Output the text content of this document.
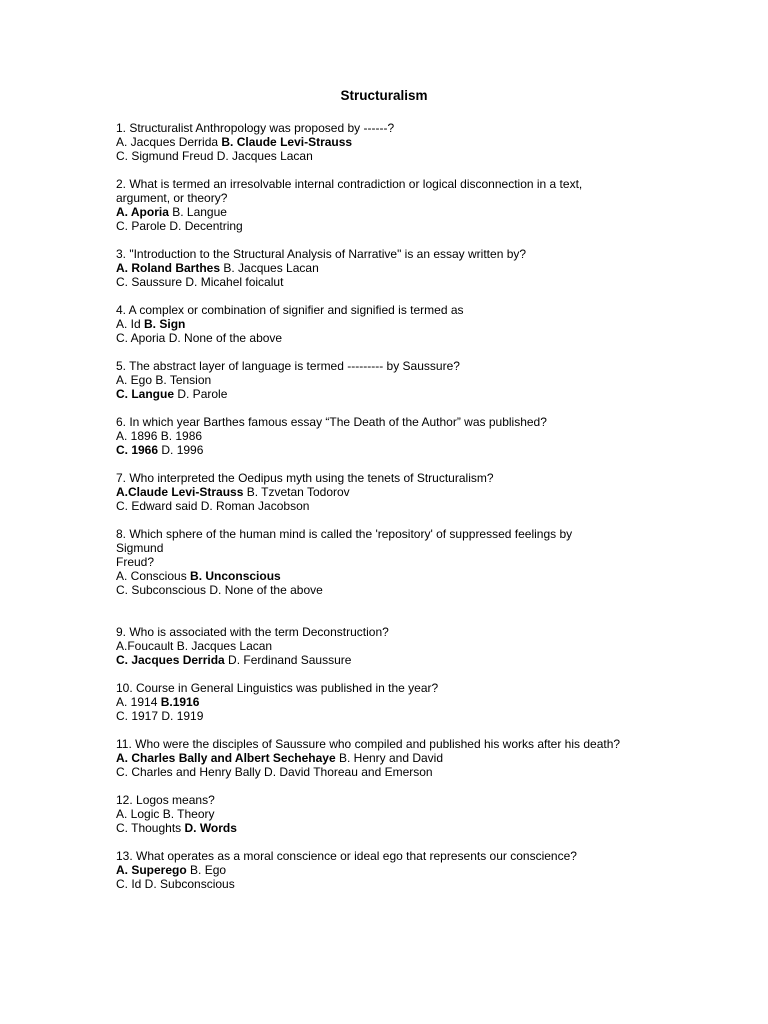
Structuralism
1. Structuralist Anthropology was proposed by ------?
A. Jacques Derrida B. Claude Levi-Strauss
C. Sigmund Freud D. Jacques Lacan
2. What is termed an irresolvable internal contradiction or logical disconnection in a text, argument, or theory?
A. Aporia B. Langue
C. Parole D. Decentring
3. "Introduction to the Structural Analysis of Narrative" is an essay written by?
A. Roland Barthes B. Jacques Lacan
C. Saussure D. Micahel foicalut
4. A complex or combination of signifier and signified is termed as
A. Id B. Sign
C. Aporia D. None of the above
5. The abstract layer of language is termed --------- by Saussure?
A. Ego B. Tension
C. Langue D. Parole
6. In which year Barthes famous essay “The Death of the Author” was published?
A. 1896 B. 1986
C. 1966 D. 1996
7. Who interpreted the Oedipus myth using the tenets of Structuralism?
A.Claude Levi-Strauss B. Tzvetan Todorov
C. Edward said D. Roman Jacobson
8. Which sphere of the human mind is called the 'repository' of suppressed feelings by
Sigmund
Freud?
A. Conscious B. Unconscious
C. Subconscious D. None of the above
9. Who is associated with the term Deconstruction?
A.Foucault B. Jacques Lacan
C. Jacques Derrida D. Ferdinand Saussure
10. Course in General Linguistics was published in the year?
A. 1914 B.1916
C. 1917 D. 1919
11. Who were the disciples of Saussure who compiled and published his works after his death?
A. Charles Bally and Albert Sechehaye B. Henry and David
C. Charles and Henry Bally D. David Thoreau and Emerson
12. Logos means?
A. Logic B. Theory
C. Thoughts D. Words
13. What operates as a moral conscience or ideal ego that represents our conscience?
A. Superego B. Ego
C. Id D. Subconscious
